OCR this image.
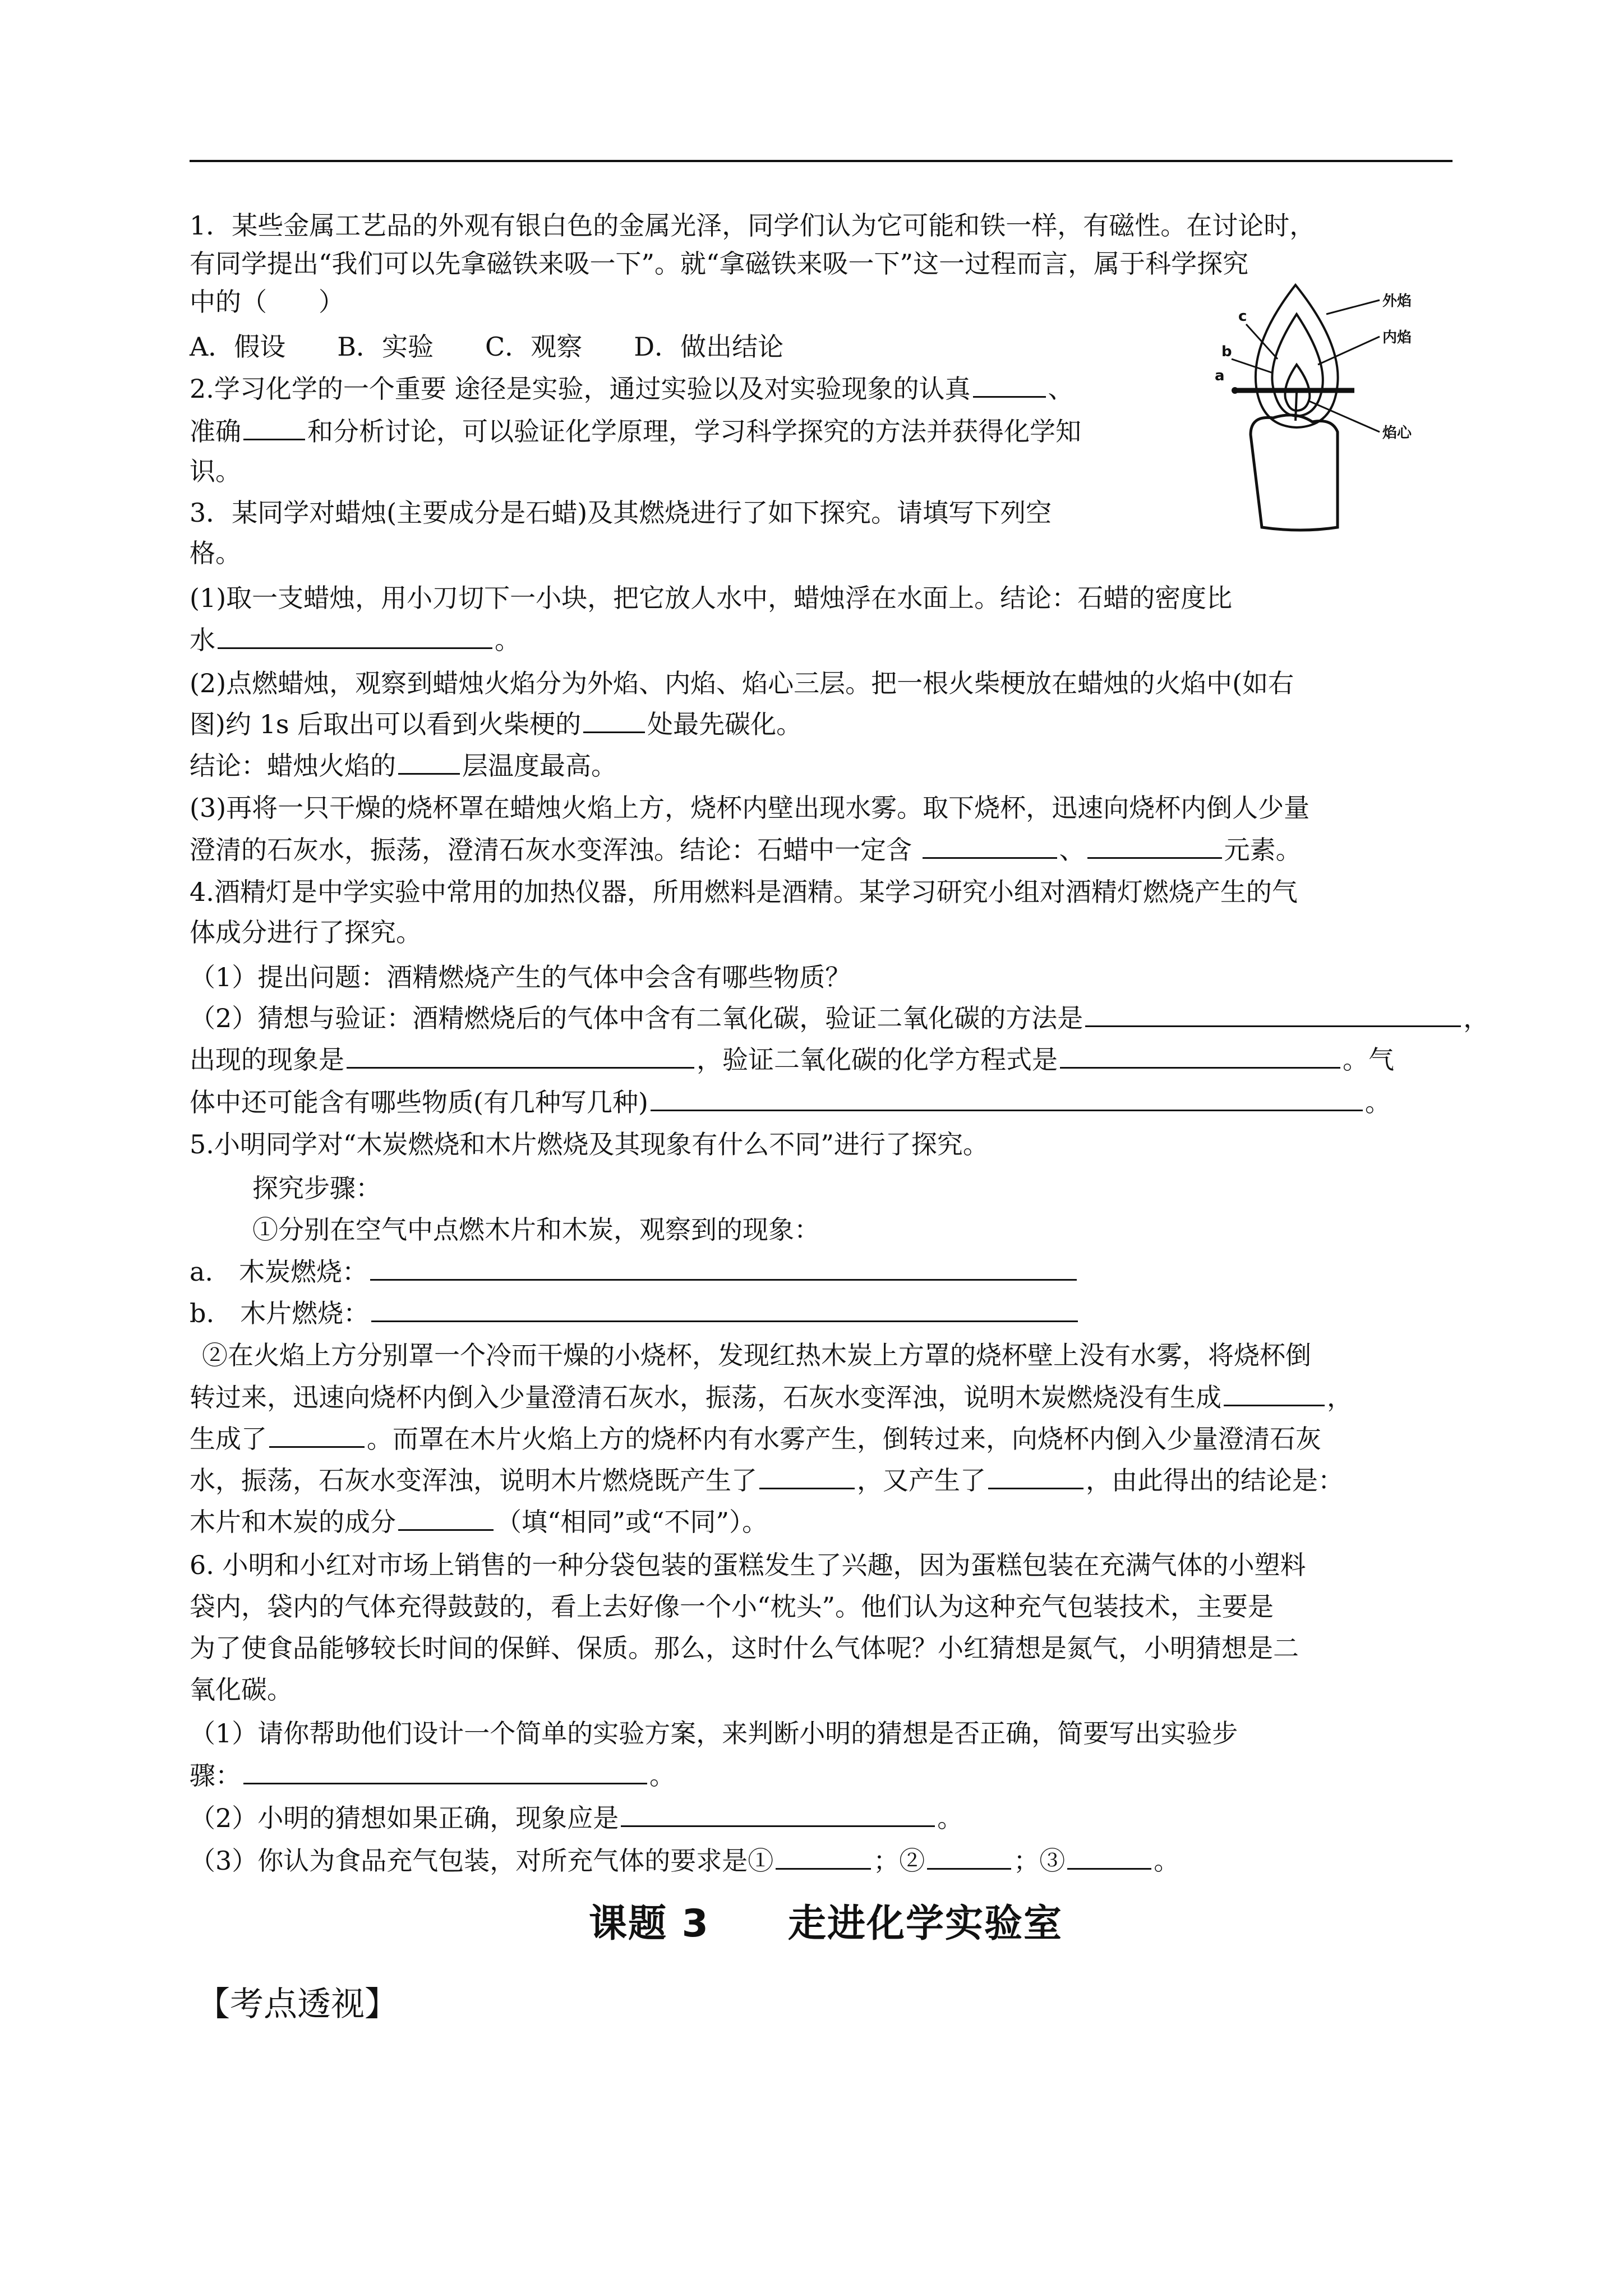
1．某些金属工艺品的外观有银白色的金属光泽，同学们认为它可能和铁一样，有磁性。在讨论时，
有同学提出“我们可以先拿磁铁来吸一下”。就“拿磁铁来吸一下”这一过程而言，属于科学探究
中的（　　）
A．假设　　B．实验　　C．观察　　D．做出结论
2.学习化学的一个重要 途径是实验，通过实验以及对实验现象的认真	、
准确	和分析讨论，可以验证化学原理，学习科学探究的方法并获得化学知
识。
3．某同学对蜡烛(主要成分是石蜡)及其燃烧进行了如下探究。请填写下列空
格。
(1)取一支蜡烛，用小刀切下一小块，把它放人水中，蜡烛浮在水面上。结论：石蜡的密度比
水	。
(2)点燃蜡烛，观察到蜡烛火焰分为外焰、内焰、焰心三层。把一根火柴梗放在蜡烛的火焰中(如右
图)约 1s 后取出可以看到火柴梗的	处最先碳化。
结论：蜡烛火焰的	层温度最高。
(3)再将一只干燥的烧杯罩在蜡烛火焰上方，烧杯内壁出现水雾。取下烧杯，迅速向烧杯内倒人少量
澄清的石灰水，振荡，澄清石灰水变浑浊。结论：石蜡中一定含	、	元素。
外焰
内焰
焰心
a
b
c
4.酒精灯是中学实验中常用的加热仪器，所用燃料是酒精。某学习研究小组对酒精灯燃烧产生的气
体成分进行了探究。
（1）提出问题：酒精燃烧产生的气体中会含有哪些物质？
（2）猜想与验证：酒精燃烧后的气体中含有二氧化碳，验证二氧化碳的方法是	，
出现的现象是	，验证二氧化碳的化学方程式是	。气
体中还可能含有哪些物质(有几种写几种)	。
5.小明同学对“木炭燃烧和木片燃烧及其现象有什么不同”进行了探究。
探究步骤：
①分别在空气中点燃木片和木炭，观察到的现象：
a.　木炭燃烧：
b.　木片燃烧：
②在火焰上方分别罩一个冷而干燥的小烧杯，发现红热木炭上方罩的烧杯壁上没有水雾，将烧杯倒
转过来，迅速向烧杯内倒入少量澄清石灰水，振荡，石灰水变浑浊，说明木炭燃烧没有生成	，
生成了	。而罩在木片火焰上方的烧杯内有水雾产生，倒转过来，向烧杯内倒入少量澄清石灰
水，振荡，石灰水变浑浊，说明木片燃烧既产生了	，又产生了	，由此得出的结论是：
木片和木炭的成分	（填“相同”或“不同”）。
6. 小明和小红对市场上销售的一种分袋包装的蛋糕发生了兴趣，因为蛋糕包装在充满气体的小塑料
袋内，袋内的气体充得鼓鼓的，看上去好像一个小“枕头”。他们认为这种充气包装技术，主要是
为了使食品能够较长时间的保鲜、保质。那么，这时什么气体呢？小红猜想是氮气，小明猜想是二
氧化碳。
（1）请你帮助他们设计一个简单的实验方案，来判断小明的猜想是否正确，简要写出实验步
骤：	。
（2）小明的猜想如果正确，现象应是	。
（3）你认为食品充气包装，对所充气体的要求是①	；②	；③	。
课题 3　　走进化学实验室
【考点透视】
